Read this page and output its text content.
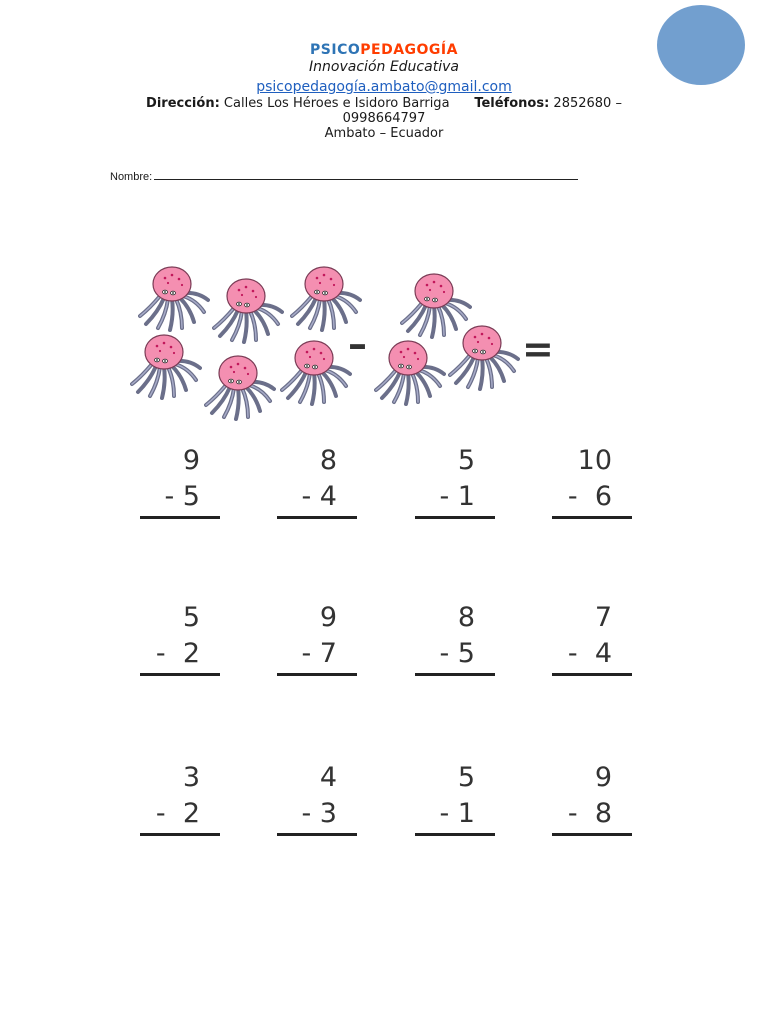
PSICOPEDAGOGÍA
Innovación Educativa
psicopedagogía.ambato@gmail.com
Dirección: Calles Los Héroes e Isidoro Barriga Teléfonos: 2852680 – 0998664797
Ambato – Ecuador
Nombre:
–	=
9
- 5
8
- 4
5
- 1
10
-  6
5
-  2
9
- 7
8
- 5
7
-  4
3
-  2
4
- 3
5
- 1
9
-  8
